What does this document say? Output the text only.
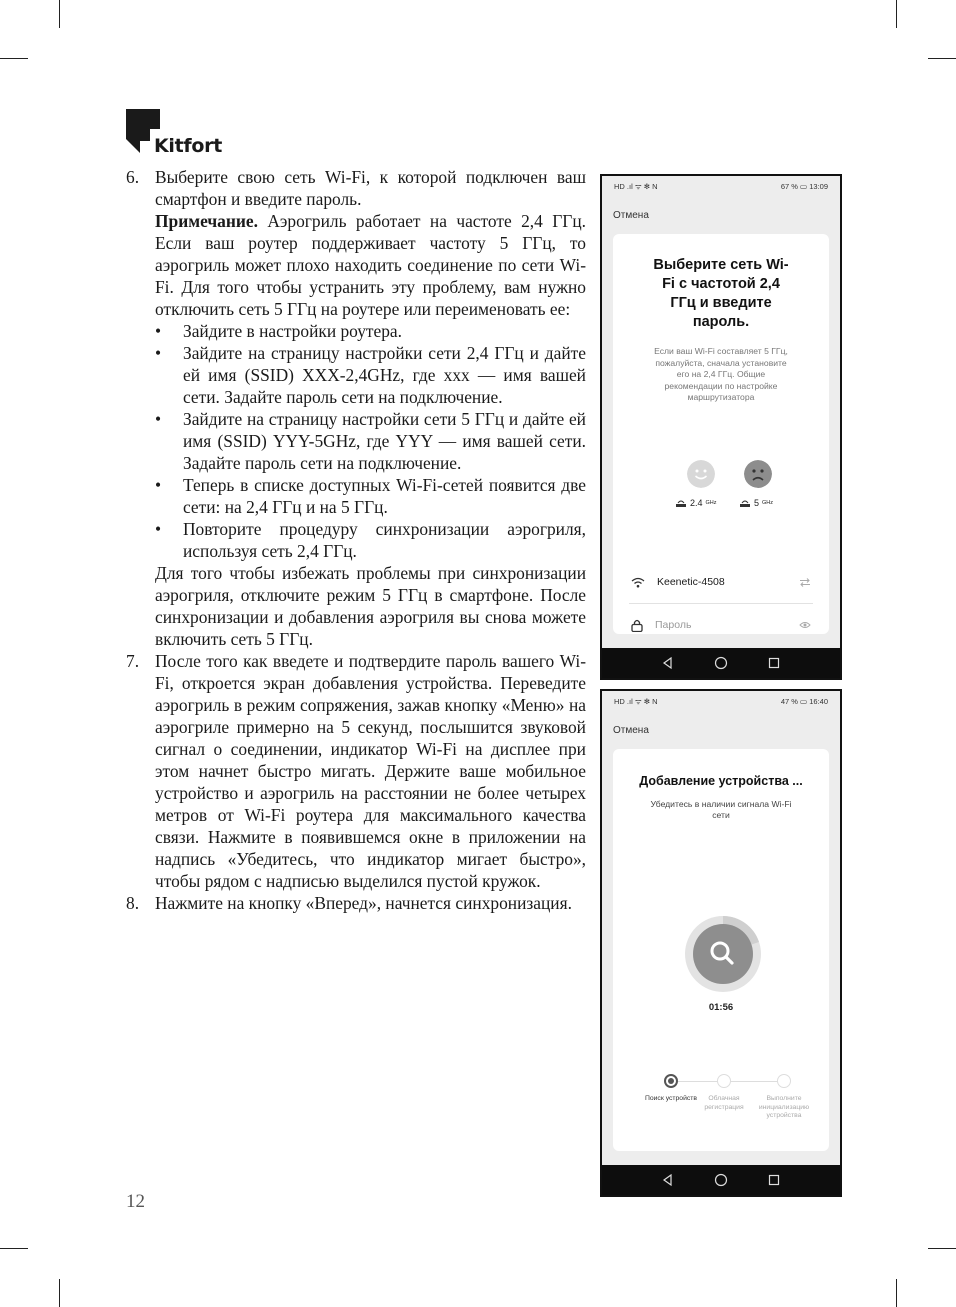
Kitfort
6. Выберите свою сеть Wi-Fi, к которой подключен ваш смартфон и введите пароль.

Примечание. Аэрогриль работает на частоте 2,4 ГГц. Если ваш роутер поддерживает частоту 5 ГГц, то аэрогриль может плохо находить соединение по сети Wi-Fi. Для того чтобы устранить эту проблему, вам нужно отключить сеть 5 ГГц на роутере или переименовать ее:

• Зайдите в настройки роутера.
• Зайдите на страницу настройки сети 2,4 ГГц и дайте ей имя (SSID) XXX-2,4GHz, где xxx — имя вашей сети. Задайте пароль сети на подключение.
• Зайдите на страницу настройки сети 5 ГГц и дайте ей имя (SSID) YYY-5GHz, где YYY — имя вашей сети. Задайте пароль сети на подключение.
• Теперь в списке доступных Wi-Fi-сетей появится две сети: на 2,4 ГГц и на 5 ГГц.
• Повторите процедуру синхронизации аэрогриля, используя сеть 2,4 ГГц.

Для того чтобы избежать проблемы при синхронизации аэрогриля, отключите режим 5 ГГц в смартфоне. После синхронизации и добавления аэрогриля вы снова можете включить сеть 5 ГГц.

7. После того как введете и подтвердите пароль вашего Wi-Fi, откроется экран добавления устройства. Переведите аэрогриль в режим сопряжения, зажав кнопку «Меню» на аэрогриле примерно на 5 секунд, послышится звуковой сигнал о соединении, индикатор Wi-Fi на дисплее при этом начнет быстро мигать. Держите ваше мобильное устройство и аэрогриль на расстоянии не более четырех метров от Wi-Fi роутера для максимального качества связи. Нажмите в появившемся окне в приложении на надпись «Убедитесь, что индикатор мигает быстро», чтобы рядом с надписью выделился пустой кружок.

8. Нажмите на кнопку «Вперед», начнется синхронизация.

12
HD .ıl ᯤ ✻ N	67 % ▭ 13:09
Отмена
Выберите сеть Wi-Fi с частотой 2,4 ГГц и введите пароль.
Если ваш Wi-Fi составляет 5 ГГц, пожалуйста, сначала установите его на 2,4 ГГц. Общие рекомендации по настройке маршрутизатора
2.4 GHz	5 GHz
Keenetic-4508
Пароль
HD .ıl ᯤ ✻ N	47 % ▭ 16:40
Отмена
Добавление устройства ...
Убедитесь в наличии сигнала Wi-Fi сети
01:56
Поиск устройств	Облачная регистрация
Выполните инициализацию устройства
